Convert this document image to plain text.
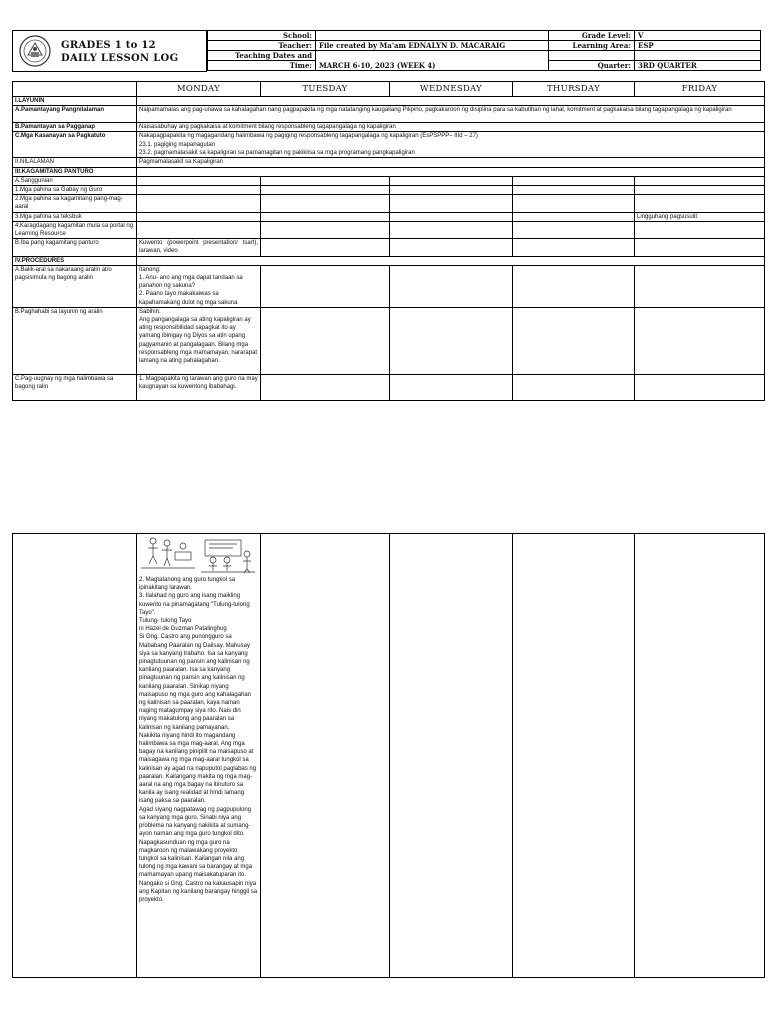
GRADES 1 to 12
DAILY LESSON LOG
School:		Grade Level:	V
Teacher:	File created by Ma'am EDNALYN D. MACARAIG	Learning Area:	ESP
Teaching Dates and	MARCH 6-10, 2023 (WEEK 4)		
Time:		Quarter:	3RD QUARTER
	MONDAY	TUESDAY	WEDNESDAY	THURSDAY	FRIDAY
I.LAYUNIN					
A.Pamantayang Pangnilalaman	Naipamamalas ang pag-unawa sa kahalagahan nang pagpapakita ng mga natatanging kaugaliang Pilipino, pagkakaroon ng disiplina para sa kabutihan ng lahat, komitment at pagkakaisa bilang tagapangalaga ng kapaligiran				
B.Pamantayan sa Pagganap	Naisasabuhay ang pagkakaisa at komitment bilang responsableng tagapangalaga ng kapaligiran				
C.Mga Kasanayan sa Pagkatuto	Nakapagpapakita ng magagandang halimbawa ng pagiging responsableng tagapangalaga ng kapaligiran (EsPSPPP– IIId – 27)
23.1. pagiging mapanagutan
23.2. pagmamalasakit sa kapaligiran sa pamamagitan ng pakikiisa sa mga programang pangkapaligiran				

II.NILALAMAN	Pagmamalasakit sa Kapaligiran				
III.KAGAMITANG PANTURO					
A.Sanggunian					
1.Mga pahina sa Gabay ng Guro					
2.Mga pahina sa kagamitang pang-mag-aaral					
3.Mga pahina sa teksbuk					Lingguhang pagsusulit
4.Karagdagang kagamitan mula sa portal ng Learning Resource					
B.Iba pang kagamitang panturo	Kuwento (powerpoint presentation/ tsart), larawan, video				
IV.PROCEDURES					
A.Balik-aral sa nakaraang aralin at/o pagsisimula ng bagong aralin	Itanong:
1. Anu- ano ang mga dapat tandaan sa panahon ng sakuna?
2. Paano tayo makakaiwas sa kapahamakang dulot ng mga sakuna				
B.Paghahabi sa layunin ng aralin	Sabihin:
Ang pangangalaga sa ating kapaligiran ay ating responsibilidad sapagkat ito ay yamang ibinigay ng Diyos sa atin upang pagyamanin at pangalagaan. Bilang mga responsableng mga mamamayan, nararapat lamang na ating pahalagahan.				
C.Pag-uugnay ng mga halimbawa sa bagong ralin	1. Magpapakita ng larawan ang guro na may kaugnayan sa kuwentong ibabahagi.				

2. Magtatanong ang guro tungkol sa ipinakitang larawan.
3. Ilalahad ng guro ang isang maikling kuwento na pinamagatang "Tulung-tulong Tayo".
Tulung- tulong Tayo
ni Hazel de Guzman Patalinghug
Si Gng. Castro ang punongguro sa Mababang Paaralan ng Dalisay. Mahusay siya sa kanyang trabaho. Isa sa kanyang pinagtutuunan ng pansin ang kalinisan ng kanilang paaralan. Isa sa kanyang pinagtuunan ng pansin ang kalinisan ng kanilang paaralan. Sinikap niyang maisapuso ng mga guro ang kahalagahan ng kalinisan sa paaralan, kaya naman naging matagumpay siya rito. Nais din niyang makatulong ang paaralan sa kalinisan ng kanilang pamayanan.
Nakikita niyang hindi ito magandang halimbawa sa mga mag-aaral. Ang mga bagay na kanilang pinipilit na maisapuso at maisagawa ng mga mag-aaral tungkol sa kalinisan ay agad na napuputol paglabas ng paaralan. Kailangang makita ng mga mag-aaral na ang mga bagay na itinuturo sa kanila ay isang realidad at hindi lamang isang paksa sa paaralan.
Agad siyang nagpatawag ng pagpupulong sa kanyang mga guro. Sinabi niya ang problema na kanyang nakikita at sumang-ayon naman ang mga guro tungkol dito.
Napagkasunduan ng mga guro na magkaroon ng malawakang proyekto tungkol sa kalinisan. Kailangan nila ang tulong ng mga kawani sa barangay at mga mamamayan upang maisakatuparan ito. Nangako si Gng. Castro na kakausapin niya ang Kapitan ng kanilang barangay hinggil sa proyekto.
